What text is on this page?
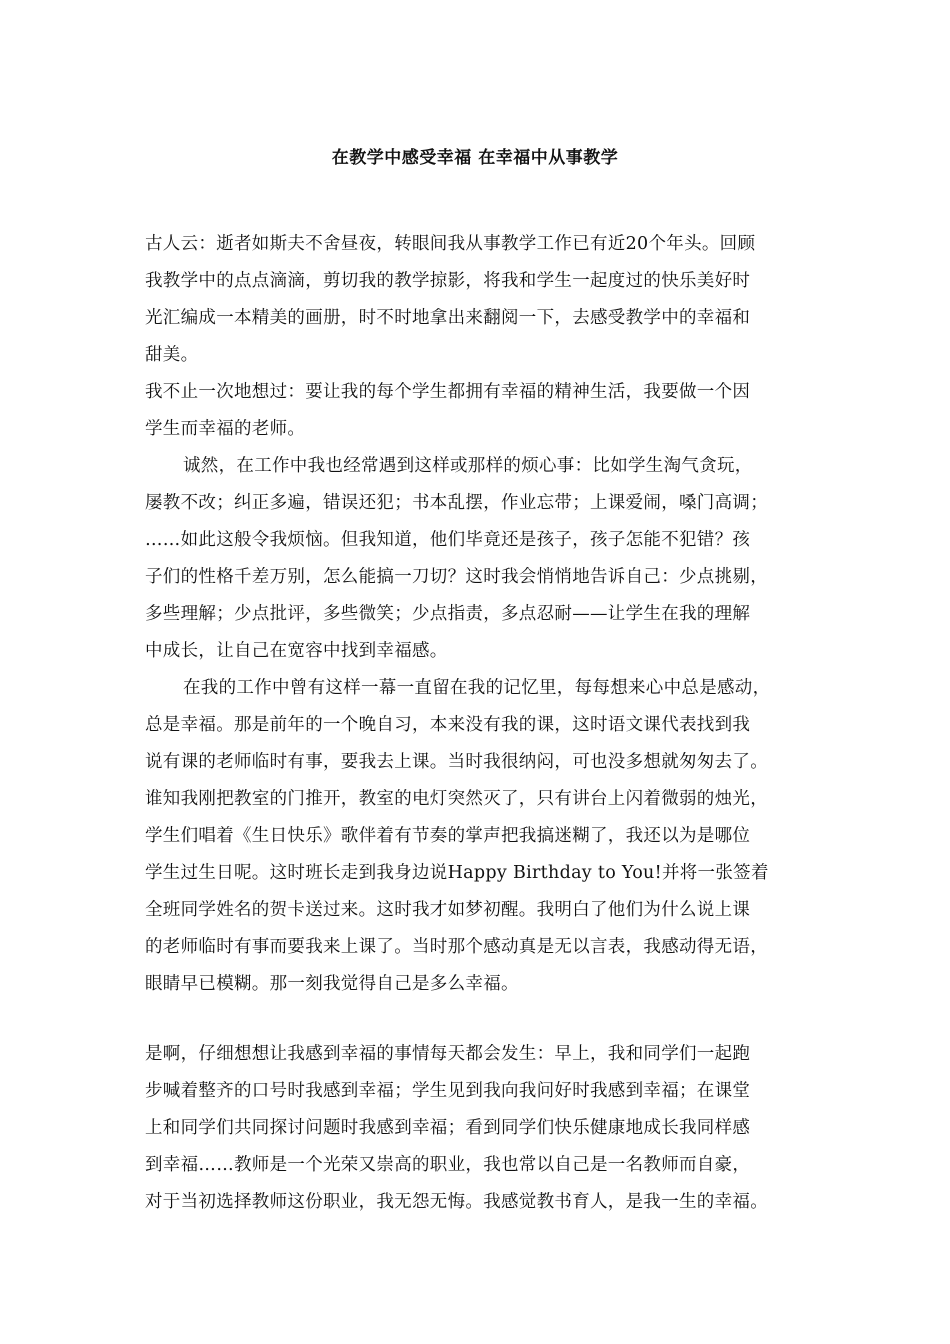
在教学中感受幸福 在幸福中从事教学
古人云：逝者如斯夫不舍昼夜，转眼间我从事教学工作已有近20个年头。回顾
我教学中的点点滴滴，剪切我的教学掠影，将我和学生一起度过的快乐美好时
光汇编成一本精美的画册，时不时地拿出来翻阅一下，去感受教学中的幸福和
甜美。
我不止一次地想过：要让我的每个学生都拥有幸福的精神生活，我要做一个因
学生而幸福的老师。
诚然，在工作中我也经常遇到这样或那样的烦心事：比如学生淘气贪玩，
屡教不改；纠正多遍，错误还犯；书本乱摆，作业忘带；上课爱闹，嗓门高调；
……如此这般令我烦恼。但我知道，他们毕竟还是孩子，孩子怎能不犯错？孩
子们的性格千差万别，怎么能搞一刀切？这时我会悄悄地告诉自己：少点挑剔，
多些理解；少点批评，多些微笑；少点指责，多点忍耐——让学生在我的理解
中成长，让自己在宽容中找到幸福感。
在我的工作中曾有这样一幕一直留在我的记忆里，每每想来心中总是感动，
总是幸福。那是前年的一个晚自习，本来没有我的课，这时语文课代表找到我
说有课的老师临时有事，要我去上课。当时我很纳闷，可也没多想就匆匆去了。
谁知我刚把教室的门推开，教室的电灯突然灭了，只有讲台上闪着微弱的烛光，
学生们唱着《生日快乐》歌伴着有节奏的掌声把我搞迷糊了，我还以为是哪位
学生过生日呢。这时班长走到我身边说Happy Birthday to You!并将一张签着
全班同学姓名的贺卡送过来。这时我才如梦初醒。我明白了他们为什么说上课
的老师临时有事而要我来上课了。当时那个感动真是无以言表，我感动得无语，
眼睛早已模糊。那一刻我觉得自己是多么幸福。
是啊，仔细想想让我感到幸福的事情每天都会发生：早上，我和同学们一起跑
步喊着整齐的口号时我感到幸福；学生见到我向我问好时我感到幸福；在课堂
上和同学们共同探讨问题时我感到幸福；看到同学们快乐健康地成长我同样感
到幸福……教师是一个光荣又崇高的职业，我也常以自己是一名教师而自豪，
对于当初选择教师这份职业，我无怨无悔。我感觉教书育人，是我一生的幸福。
